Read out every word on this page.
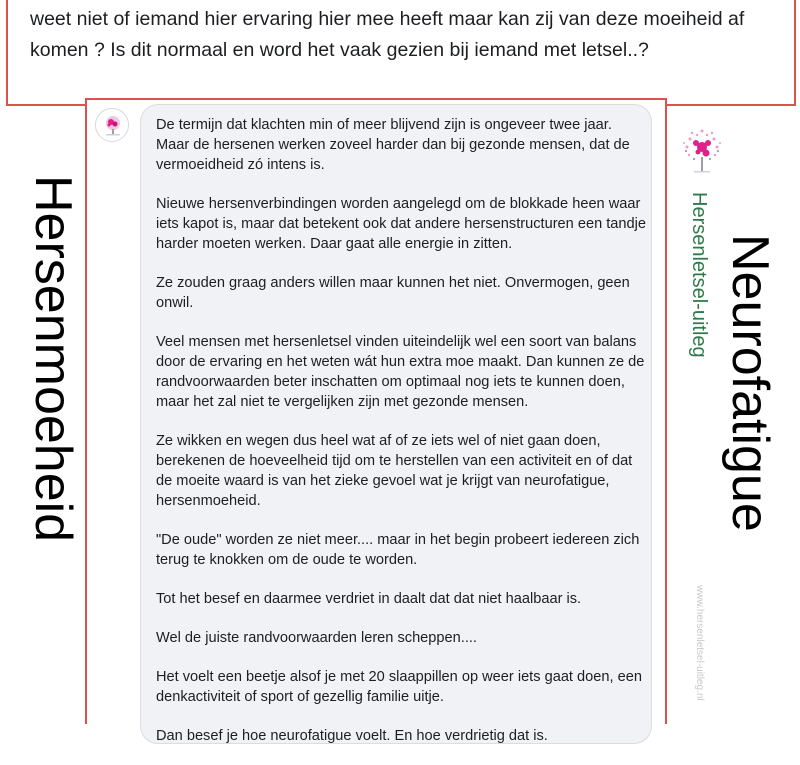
weet niet of iemand hier ervaring hier mee heeft maar kan zij van deze moeiheid af komen ? Is dit normaal en word het vaak gezien bij iemand met letsel..?

De termijn dat klachten min of meer blijvend zijn is ongeveer twee jaar. Maar de hersenen werken zoveel harder dan bij gezonde mensen, dat de vermoeidheid zó intens is.

Nieuwe hersenverbindingen worden aangelegd om de blokkade heen waar iets kapot is, maar dat betekent ook dat andere hersenstructuren een tandje harder moeten werken. Daar gaat alle energie in zitten.

Ze zouden graag anders willen maar kunnen het niet. Onvermogen, geen onwil.

Veel mensen met hersenletsel vinden uiteindelijk wel een soort van balans door de ervaring en het weten wát hun extra moe maakt. Dan kunnen ze de randvoorwaarden beter inschatten om optimaal nog iets te kunnen doen, maar het zal niet te vergelijken zijn met gezonde mensen.

Ze wikken en wegen dus heel wat af of ze iets wel of niet gaan doen, berekenen de hoeveelheid tijd om te herstellen van een activiteit en of dat de moeite waard is van het zieke gevoel wat je krijgt van neurofatigue, hersenmoeheid.

"De oude" worden ze niet meer.... maar in het begin probeert iedereen zich terug te knokken om de oude te worden.

Tot het besef en daarmee verdriet in daalt dat dat niet haalbaar is.

Wel de juiste randvoorwaarden leren scheppen....

Het voelt een beetje alsof je met 20 slaappillen op weer iets gaat doen, een denkactiviteit of sport of gezellig familie uitje.

Dan besef je hoe neurofatigue voelt. En hoe verdrietig dat is.

Hersenmoeheid	Hersenletsel-uitleg Neurofatigue
www.hersenletsel-uitleg.nl
